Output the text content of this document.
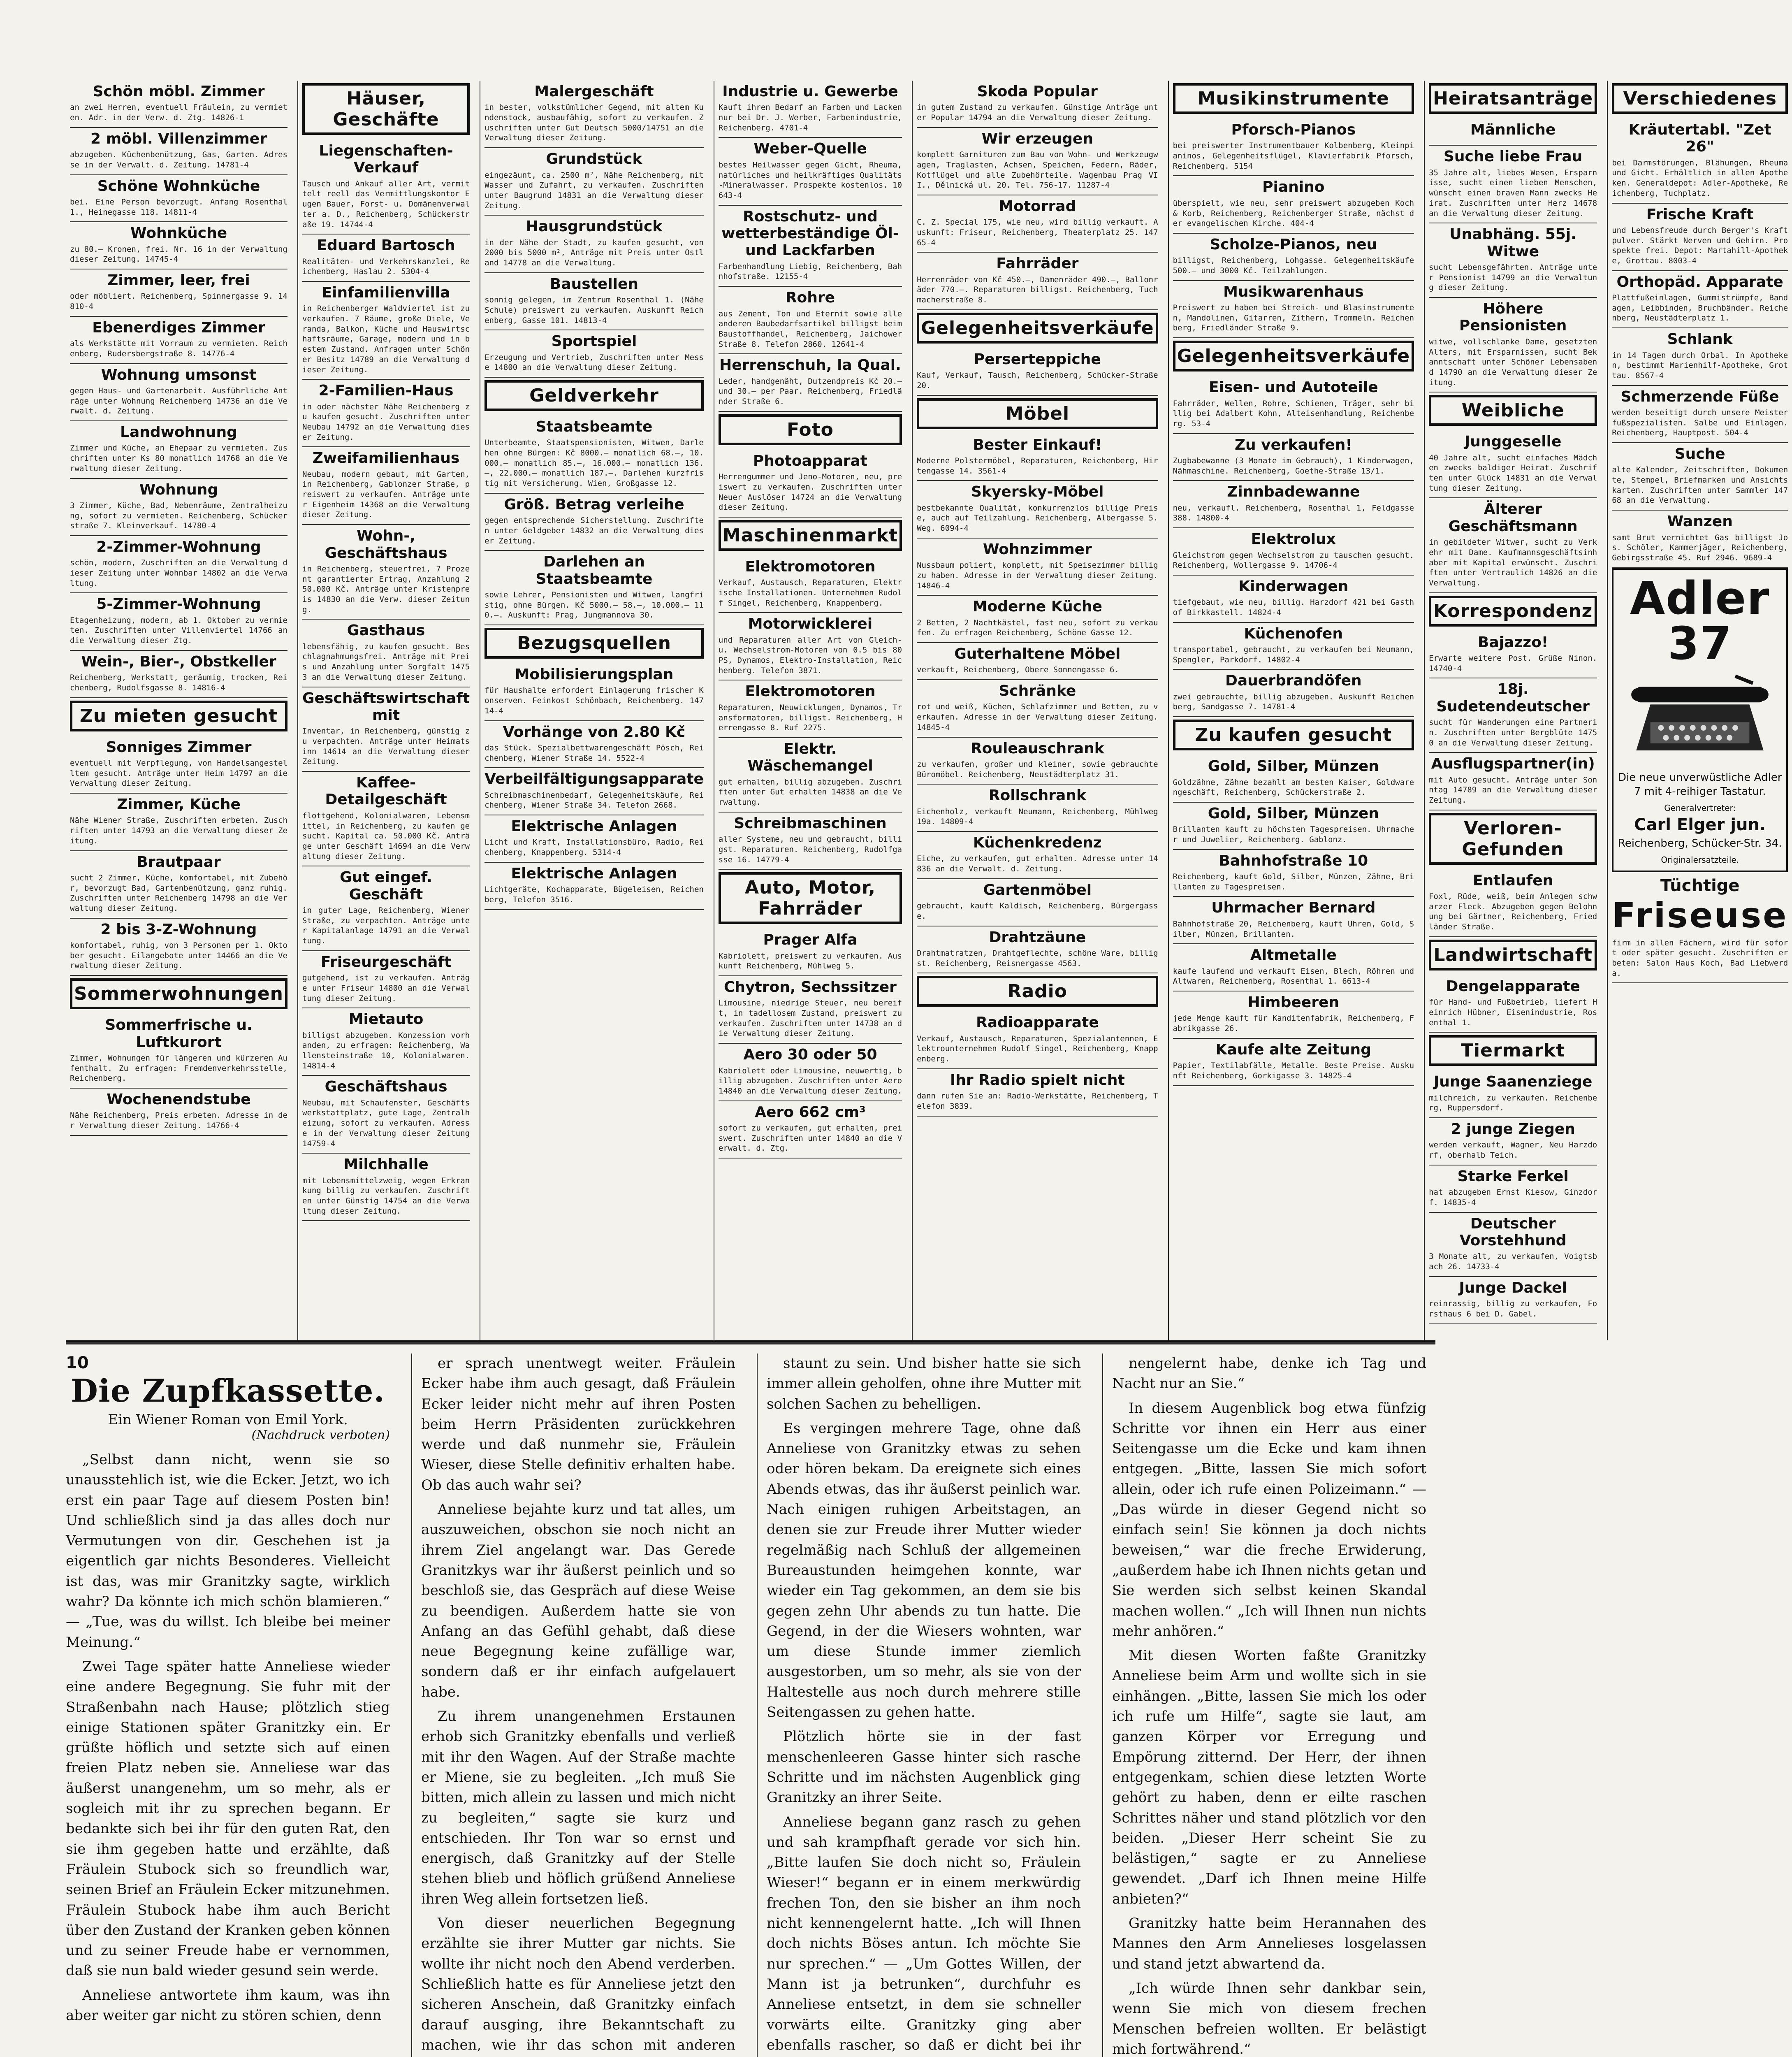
Schön möbl. Zimmer

an zwei Herren, eventuell Fräulein, zu vermieten. Adr. in der Verw. d. Ztg. 14826-1

2 möbl. Villenzimmer

abzugeben. Küchenbenützung, Gas, Garten. Adresse in der Verwalt. d. Zeitung. 14781-4

Schöne Wohnküche

bei. Eine Person bevorzugt. Anfang Rosenthal 1., Heinegasse 118. 14811-4

Wohnküche

zu 80.— Kronen, frei. Nr. 16 in der Verwaltung dieser Zeitung. 14745-4

Zimmer, leer, frei

oder möbliert. Reichenberg, Spinnergasse 9. 14810-4

Ebenerdiges Zimmer

als Werkstätte mit Vorraum zu vermieten. Reichenberg, Rudersbergstraße 8. 14776-4

Wohnung umsonst

gegen Haus- und Gartenarbeit. Ausführliche Anträge unter Wohnung Reichenberg 14736 an die Verwalt. d. Zeitung.

Landwohnung

Zimmer und Küche, an Ehepaar zu vermieten. Zuschriften unter Ks 80 monatlich 14768 an die Verwaltung dieser Zeitung.

Wohnung

3 Zimmer, Küche, Bad, Nebenräume, Zentralheizung, sofort zu vermieten. Reichenberg, Schückerstraße 7. Kleinverkauf. 14780-4

2-Zimmer-Wohnung

schön, modern, Zuschriften an die Verwaltung dieser Zeitung unter Wohnbar 14802 an die Verwaltung.

5-Zimmer-Wohnung

Etagenheizung, modern, ab 1. Oktober zu vermieten. Zuschriften unter Villenviertel 14766 an die Verwaltung dieser Ztg.

Wein-, Bier-, Obstkeller

Reichenberg, Werkstatt, geräumig, trocken, Reichenberg, Rudolfsgasse 8. 14816-4

Zu mieten gesucht
Sonniges Zimmer

eventuell mit Verpflegung, von Handelsangestelltem gesucht. Anträge unter Heim 14797 an die Verwaltung dieser Zeitung.

Zimmer, Küche

Nähe Wiener Straße, Zuschriften erbeten. Zuschriften unter 14793 an die Verwaltung dieser Zeitung.

Brautpaar

sucht 2 Zimmer, Küche, komfortabel, mit Zubehör, bevorzugt Bad, Gartenbenützung, ganz ruhig. Zuschriften unter Reichenberg 14798 an die Verwaltung dieser Zeitung.

2 bis 3-Z-Wohnung

komfortabel, ruhig, von 3 Personen per 1. Oktober gesucht. Eilangebote unter 14466 an die Verwaltung dieser Zeitung.

Sommerwohnungen
Sommerfrische u. Luftkurort

Zimmer, Wohnungen für längeren und kürzeren Aufenthalt. Zu erfragen: Fremdenverkehrsstelle, Reichenberg.

Wochenendstube

Nähe Reichenberg, Preis erbeten. Adresse in der Verwaltung dieser Zeitung. 14766-4

Häuser, Geschäfte
Liegenschaften-Verkauf

Tausch und Ankauf aller Art, vermittelt reell das Vermittlungskontor Eugen Bauer, Forst- u. Domänenverwalter a. D., Reichenberg, Schückerstraße 19. 14744-4

Eduard Bartosch

Realitäten- und Verkehrskanzlei, Reichenberg, Haslau 2. 5304-4

Einfamilienvilla

in Reichenberger Waldviertel ist zu verkaufen. 7 Räume, große Diele, Veranda, Balkon, Küche und Hauswirtschaftsräume, Garage, modern und in bestem Zustand. Anfragen unter Schöner Besitz 14789 an die Verwaltung dieser Zeitung.

2-Familien-Haus

in oder nächster Nähe Reichenberg zu kaufen gesucht. Zuschriften unter Neubau 14792 an die Verwaltung dieser Zeitung.

Zweifamilienhaus

Neubau, modern gebaut, mit Garten, in Reichenberg, Gablonzer Straße, preiswert zu verkaufen. Anträge unter Eigenheim 14368 an die Verwaltung dieser Zeitung.

Wohn-, Geschäftshaus

in Reichenberg, steuerfrei, 7 Prozent garantierter Ertrag, Anzahlung 250.000 Kč. Anträge unter Kristenpreis 14830 an die Verw. dieser Zeitung.

Gasthaus

lebensfähig, zu kaufen gesucht. Beschlagnahmungsfrei. Anträge mit Preis und Anzahlung unter Sorgfalt 14753 an die Verwaltung dieser Zeitung.

Geschäftswirtschaft mit

Inventar, in Reichenberg, günstig zu verpachten. Anträge unter Heimatsinn 14614 an die Verwaltung dieser Zeitung.

Kaffee-Detailgeschäft

flottgehend, Kolonialwaren, Lebensmittel, in Reichenberg, zu kaufen gesucht. Kapital ca. 50.000 Kč. Anträge unter Geschäft 14694 an die Verwaltung dieser Zeitung.

Gut eingef. Geschäft

in guter Lage, Reichenberg, Wiener Straße, zu verpachten. Anträge unter Kapitalanlage 14791 an die Verwaltung.

Friseurgeschäft

gutgehend, ist zu verkaufen. Anträge unter Friseur 14800 an die Verwaltung dieser Zeitung.

Mietauto

billigst abzugeben. Konzession vorhanden, zu erfragen: Reichenberg, Wallensteinstraße 10, Kolonialwaren. 14814-4

Geschäftshaus

Neubau, mit Schaufenster, Geschäftswerkstattplatz, gute Lage, Zentralheizung, sofort zu verkaufen. Adresse in der Verwaltung dieser Zeitung 14759-4

Milchhalle

mit Lebensmittelzweig, wegen Erkrankung billig zu verkaufen. Zuschriften unter Günstig 14754 an die Verwaltung dieser Zeitung.

Malergeschäft

in bester, volkstümlicher Gegend, mit altem Kundenstock, ausbaufähig, sofort zu verkaufen. Zuschriften unter Gut Deutsch 5000/14751 an die Verwaltung dieser Zeitung.

Grundstück

eingezäunt, ca. 2500 m², Nähe Reichenberg, mit Wasser und Zufahrt, zu verkaufen. Zuschriften unter Baugrund 14831 an die Verwaltung dieser Zeitung.

Hausgrundstück

in der Nähe der Stadt, zu kaufen gesucht, von 2000 bis 5000 m², Anträge mit Preis unter Ostland 14778 an die Verwaltung.

Baustellen

sonnig gelegen, im Zentrum Rosenthal 1. (Nähe Schule) preiswert zu verkaufen. Auskunft Reichenberg, Gasse 101. 14813-4

Sportspiel

Erzeugung und Vertrieb, Zuschriften unter Messe 14800 an die Verwaltung dieser Zeitung.

Geldverkehr
Staatsbeamte

Unterbeamte, Staatspensionisten, Witwen, Darlehen ohne Bürgen: Kč 8000.— monatlich 68.—, 10.000.— monatlich 85.—, 16.000.— monatlich 136.—, 22.000.— monatlich 187.—. Darlehen kurzfristig mit Versicherung. Wien, Großgasse 12.

Größ. Betrag verleihe

gegen entsprechende Sicherstellung. Zuschriften unter Geldgeber 14832 an die Verwaltung dieser Zeitung.

Darlehen an Staatsbeamte

sowie Lehrer, Pensionisten und Witwen, langfristig, ohne Bürgen. Kč 5000.— 58.—, 10.000.— 110.—. Auskunft: Prag, Jungmannova 30.

Bezugsquellen
Mobilisierungsplan

für Haushalte erfordert Einlagerung frischer Konserven. Feinkost Schönbach, Reichenberg. 14714-4

Vorhänge von 2.80 Kč

das Stück. Spezialbettwarengeschäft Pösch, Reichenberg, Wiener Straße 14. 5522-4

Verbeilfältigungsapparate

Schreibmaschinenbedarf, Gelegenheitskäufe, Reichenberg, Wiener Straße 34. Telefon 2668.

Elektrische Anlagen

Licht und Kraft, Installationsbüro, Radio, Reichenberg, Knappenberg. 5314-4

Elektrische Anlagen

Lichtgeräte, Kochapparate, Bügeleisen, Reichenberg, Telefon 3516.

Industrie u. Gewerbe

Kauft ihren Bedarf an Farben und Lacken nur bei Dr. J. Werber, Farbenindustrie, Reichenberg. 4701-4

Weber-Quelle

bestes Heilwasser gegen Gicht, Rheuma, natürliches und heilkräftiges Qualitäts-Mineralwasser. Prospekte kostenlos. 10643-4

Rostschutz- und wetterbeständige Öl- und Lackfarben

Farbenhandlung Liebig, Reichenberg, Bahnhofstraße. 12155-4

Rohre

aus Zement, Ton und Eternit sowie alle anderen Baubedarfsartikel billigst beim Baustoffhandel, Reichenberg, Jaichower Straße 8. Telefon 2860. 12641-4

Herrenschuh, la Qual.

Leder, handgenäht, Dutzendpreis Kč 20.— und 30.— per Paar. Reichenberg, Friedländer Straße 6.

Foto
Photoapparat

Herrengummer und Jeno-Motoren, neu, preiswert zu verkaufen. Zuschriften unter Neuer Auslöser 14724 an die Verwaltung dieser Zeitung.

Maschinenmarkt
Elektromotoren

Verkauf, Austausch, Reparaturen, Elektrische Installationen. Unternehmen Rudolf Singel, Reichenberg, Knappenberg.

Motorwicklerei

und Reparaturen aller Art von Gleich- u. Wechselstrom-Motoren von 0.5 bis 80 PS, Dynamos, Elektro-Installation, Reichenberg. Telefon 3871.

Elektromotoren

Reparaturen, Neuwicklungen, Dynamos, Transformatoren, billigst. Reichenberg, Herrengasse 8. Ruf 2275.

Elektr. Wäschemangel

gut erhalten, billig abzugeben. Zuschriften unter Gut erhalten 14838 an die Verwaltung.

Schreibmaschinen

aller Systeme, neu und gebraucht, billigst. Reparaturen. Reichenberg, Rudolfgasse 16. 14779-4

Auto, Motor, Fahrräder
Prager Alfa

Kabriolett, preiswert zu verkaufen. Auskunft Reichenberg, Mühlweg 5.

Chytron, Sechssitzer

Limousine, niedrige Steuer, neu bereift, in tadellosem Zustand, preiswert zu verkaufen. Zuschriften unter 14738 an die Verwaltung dieser Zeitung.

Aero 30 oder 50

Kabriolett oder Limousine, neuwertig, billig abzugeben. Zuschriften unter Aero 14840 an die Verwaltung dieser Zeitung.

Aero 662 cm³

sofort zu verkaufen, gut erhalten, preiswert. Zuschriften unter 14840 an die Verwalt. d. Ztg.

Skoda Popular

in gutem Zustand zu verkaufen. Günstige Anträge unter Popular 14794 an die Verwaltung dieser Zeitung.

Wir erzeugen

komplett Garnituren zum Bau von Wohn- und Werkzeugwagen, Traglasten, Achsen, Speichen, Federn, Räder, Kotflügel und alle Zubehörteile. Wagenbau Prag VII., Dělnická ul. 20. Tel. 756-17. 11287-4

Motorrad

C. Z. Special 175, wie neu, wird billig verkauft. Auskunft: Friseur, Reichenberg, Theaterplatz 25. 14765-4

Fahrräder

Herrenräder von Kč 450.—, Damenräder 490.—, Ballonräder 770.—. Reparaturen billigst. Reichenberg, Tuchmacherstraße 8.

Gelegenheitsverkäufe
Perserteppiche

Kauf, Verkauf, Tausch, Reichenberg, Schücker-Straße 20.

Möbel
Bester Einkauf!

Moderne Polstermöbel, Reparaturen, Reichenberg, Hirtengasse 14. 3561-4

Skyersky-Möbel

bestbekannte Qualität, konkurrenzlos billige Preise, auch auf Teilzahlung. Reichenberg, Albergasse 5. Weg. 6094-4

Wohnzimmer

Nussbaum poliert, komplett, mit Speisezimmer billig zu haben. Adresse in der Verwaltung dieser Zeitung. 14846-4

Moderne Küche

2 Betten, 2 Nachtkästel, fast neu, sofort zu verkaufen. Zu erfragen Reichenberg, Schöne Gasse 12.

Guterhaltene Möbel

verkauft, Reichenberg, Obere Sonnengasse 6.

Schränke

rot und weiß, Küchen, Schlafzimmer und Betten, zu verkaufen. Adresse in der Verwaltung dieser Zeitung. 14845-4

Rouleauschrank

zu verkaufen, großer und kleiner, sowie gebrauchte Büromöbel. Reichenberg, Neustädterplatz 31.

Rollschrank

Eichenholz, verkauft Neumann, Reichenberg, Mühlweg 19a. 14809-4

Küchenkredenz

Eiche, zu verkaufen, gut erhalten. Adresse unter 14836 an die Verwalt. d. Zeitung.

Gartenmöbel

gebraucht, kauft Kaldisch, Reichenberg, Bürgergasse.

Drahtzäune

Drahtmatratzen, Drahtgeflechte, schöne Ware, billigst. Reichenberg, Reisnergasse 4563.

Radio
Radioapparate

Verkauf, Austausch, Reparaturen, Spezialantennen, Elektrounternehmen Rudolf Singel, Reichenberg, Knappenberg.

Ihr Radio spielt nicht

dann rufen Sie an: Radio-Werkstätte, Reichenberg, Telefon 3839.

Musikinstrumente
Pforsch-Pianos

bei preiswerter Instrumentbauer Kolbenberg, Kleinpianinos, Gelegenheitsflügel, Klavierfabrik Pforsch, Reichenberg. 5154

Pianino

überspielt, wie neu, sehr preiswert abzugeben Koch & Korb, Reichenberg, Reichenberger Straße, nächst der evangelischen Kirche. 404-4

Scholze-Pianos, neu

billigst, Reichenberg, Lohgasse. Gelegenheitskäufe 500.— und 3000 Kč. Teilzahlungen.

Musikwarenhaus

Preiswert zu haben bei Streich- und Blasinstrumenten, Mandolinen, Gitarren, Zithern, Trommeln. Reichenberg, Friedländer Straße 9.

Gelegenheitsverkäufe
Eisen- und Autoteile

Fahrräder, Wellen, Rohre, Schienen, Träger, sehr billig bei Adalbert Kohn, Alteisenhandlung, Reichenberg. 53-4

Zu verkaufen!

Zugbabewanne (3 Monate im Gebrauch), 1 Kinderwagen, Nähmaschine. Reichenberg, Goethe-Straße 13/1.

Zinnbadewanne

neu, verkaufl. Reichenberg, Rosenthal 1, Feldgasse 388. 14800-4

Elektrolux

Gleichstrom gegen Wechselstrom zu tauschen gesucht. Reichenberg, Wollergasse 9. 14706-4

Kinderwagen

tiefgebaut, wie neu, billig. Harzdorf 421 bei Gasthof Birkkastell. 14824-4

Küchenofen

transportabel, gebraucht, zu verkaufen bei Neumann, Spengler, Parkdorf. 14802-4

Dauerbrandöfen

zwei gebrauchte, billig abzugeben. Auskunft Reichenberg, Sandgasse 7. 14781-4

Zu kaufen gesucht
Gold, Silber, Münzen

Goldzähne, Zähne bezahlt am besten Kaiser, Goldwarengeschäft, Reichenberg, Schückerstraße 2.

Gold, Silber, Münzen

Brillanten kauft zu höchsten Tagespreisen. Uhrmacher und Juwelier, Reichenberg. Gablonz.

Bahnhofstraße 10

Reichenberg, kauft Gold, Silber, Münzen, Zähne, Brillanten zu Tagespreisen.

Uhrmacher Bernard

Bahnhofstraße 20, Reichenberg, kauft Uhren, Gold, Silber, Münzen, Brillanten.

Altmetalle

kaufe laufend und verkauft Eisen, Blech, Röhren und Altwaren, Reichenberg, Rosenthal 1. 6613-4

Himbeeren

jede Menge kauft für Kanditenfabrik, Reichenberg, Fabrikgasse 26.

Kaufe alte Zeitung

Papier, Textilabfälle, Metalle. Beste Preise. Auskunft Reichenberg, Gorkigasse 3. 14825-4

Heiratsanträge
Männliche

Suche liebe Frau

35 Jahre alt, liebes Wesen, Ersparnisse, sucht einen lieben Menschen, wünscht einen braven Mann zwecks Heirat. Zuschriften unter Herz 14678 an die Verwaltung dieser Zeitung.

Unabhäng. 55j. Witwe

sucht Lebensgefährten. Anträge unter Pensionist 14799 an die Verwaltung dieser Zeitung.

Höhere Pensionisten

witwe, vollschlanke Dame, gesetzten Alters, mit Ersparnissen, sucht Bekanntschaft unter Schöner Lebensabend 14790 an die Verwaltung dieser Zeitung.

Weibliche
Junggeselle

40 Jahre alt, sucht einfaches Mädchen zwecks baldiger Heirat. Zuschriften unter Glück 14831 an die Verwaltung dieser Zeitung.

Älterer Geschäftsmann

in gebildeter Witwer, sucht zu Verkehr mit Dame. Kaufmannsgeschäftsinhaber mit Kapital erwünscht. Zuschriften unter Vertraulich 14826 an die Verwaltung.

Korrespondenz
Bajazzo!

Erwarte weitere Post. Grüße Ninon. 14740-4

18j. Sudetendeutscher

sucht für Wanderungen eine Partnerin. Zuschriften unter Bergblüte 14750 an die Verwaltung dieser Zeitung.

Ausflugspartner(in)

mit Auto gesucht. Anträge unter Sonntag 14789 an die Verwaltung dieser Zeitung.

Verloren-Gefunden
Entlaufen

Foxl, Rüde, weiß, beim Anlegen schwarzer Fleck. Abzugeben gegen Belohnung bei Gärtner, Reichenberg, Friedländer Straße.

Landwirtschaft
Dengelapparate

für Hand- und Fußbetrieb, liefert Heinrich Hübner, Eisenindustrie, Rosenthal 1.

Tiermarkt
Junge Saanenziege

milchreich, zu verkaufen. Reichenberg, Ruppersdorf.

2 junge Ziegen

werden verkauft, Wagner, Neu Harzdorf, oberhalb Teich.

Starke Ferkel

hat abzugeben Ernst Kiesow, Ginzdorf. 14835-4

Deutscher Vorstehhund

3 Monate alt, zu verkaufen, Voigtsbach 26. 14733-4

Junge Dackel

reinrassig, billig zu verkaufen, Forsthaus 6 bei D. Gabel.

Verschiedenes
Kräutertabl. "Zet 26"

bei Darmstörungen, Blähungen, Rheuma und Gicht. Erhältlich in allen Apotheken. Generaldepot: Adler-Apotheke, Reichenberg, Tuchplatz.

Frische Kraft

und Lebensfreude durch Berger's Kraftpulver. Stärkt Nerven und Gehirn. Prospekte frei. Depot: Martahill-Apotheke, Grottau. 8003-4

Orthopäd. Apparate

Plattfußeinlagen, Gummistrümpfe, Bandagen, Leibbinden, Bruchbänder. Reichenberg, Neustädterplatz 1.

Schlank

in 14 Tagen durch Orbal. In Apotheken, bestimmt Marienhilf-Apotheke, Grottau. 8567-4

Schmerzende Füße

werden beseitigt durch unsere Meisterfußspezialisten. Salbe und Einlagen. Reichenberg, Hauptpost. 504-4

Suche

alte Kalender, Zeitschriften, Dokumente, Stempel, Briefmarken und Ansichtskarten. Zuschriften unter Sammler 14768 an die Verwaltung.

Wanzen

samt Brut vernichtet Gas billigst Jos. Schöler, Kammerjäger, Reichenberg, Gebirgsstraße 45. Ruf 2946. 9689-4

Adler 37
Die neue unverwüstliche Adler 7 mit 4-reihiger Tastatur.
Generalvertreter:
Carl Elger jun.
Reichenberg, Schücker-Str. 34.
Originalersatzteile.
Tüchtige
Friseuse

firm in allen Fächern, wird für sofort oder später gesucht. Zuschriften erbeten: Salon Haus Koch, Bad Liebwerda.

10
Die Zupfkassette.

Ein Wiener Roman von Emil York.

(Nachdruck verboten)

„Selbst dann nicht, wenn sie so unausstehlich ist, wie die Ecker. Jetzt, wo ich erst ein paar Tage auf diesem Posten bin! Und schließlich sind ja das alles doch nur Vermutungen von dir. Geschehen ist ja eigentlich gar nichts Besonderes. Vielleicht ist das, was mir Granitzky sagte, wirklich wahr? Da könnte ich mich schön blamieren.“ — „Tue, was du willst. Ich bleibe bei meiner Meinung.“

Zwei Tage später hatte Anneliese wieder eine andere Begegnung. Sie fuhr mit der Straßenbahn nach Hause; plötzlich stieg einige Stationen später Granitzky ein. Er grüßte höflich und setzte sich auf einen freien Platz neben sie. Anneliese war das äußerst unangenehm, um so mehr, als er sogleich mit ihr zu sprechen begann. Er bedankte sich bei ihr für den guten Rat, den sie ihm gegeben hatte und erzählte, daß Fräulein Stubock sich so freundlich war, seinen Brief an Fräulein Ecker mitzunehmen. Fräulein Stubock habe ihm auch Bericht über den Zustand der Kranken geben können und zu seiner Freude habe er vernommen, daß sie nun bald wieder gesund sein werde.

Anneliese antwortete ihm kaum, was ihn aber weiter gar nicht zu stören schien, denn

er sprach unentwegt weiter. Fräulein Ecker habe ihm auch gesagt, daß Fräulein Ecker leider nicht mehr auf ihren Posten beim Herrn Präsidenten zurückkehren werde und daß nunmehr sie, Fräulein Wieser, diese Stelle definitiv erhalten habe. Ob das auch wahr sei?

Anneliese bejahte kurz und tat alles, um auszuweichen, obschon sie noch nicht an ihrem Ziel angelangt war. Das Gerede Granitzkys war ihr äußerst peinlich und so beschloß sie, das Gespräch auf diese Weise zu beendigen. Außerdem hatte sie von Anfang an das Gefühl gehabt, daß diese neue Begegnung keine zufällige war, sondern daß er ihr einfach aufgelauert habe.

Zu ihrem unangenehmen Erstaunen erhob sich Granitzky ebenfalls und verließ mit ihr den Wagen. Auf der Straße machte er Miene, sie zu begleiten. „Ich muß Sie bitten, mich allein zu lassen und mich nicht zu begleiten,“ sagte sie kurz und entschieden. Ihr Ton war so ernst und energisch, daß Granitzky auf der Stelle stehen blieb und höflich grüßend Anneliese ihren Weg allein fortsetzen ließ.

Von dieser neuerlichen Begegnung erzählte sie ihrer Mutter gar nichts. Sie wollte ihr nicht noch den Abend verderben. Schließlich hatte es für Anneliese jetzt den sicheren Anschein, daß Granitzky einfach darauf ausging, ihre Bekanntschaft zu machen, wie ihr das schon mit anderen

staunt zu sein. Und bisher hatte sie sich immer allein geholfen, ohne ihre Mutter mit solchen Sachen zu behelligen.

Es vergingen mehrere Tage, ohne daß Anneliese von Granitzky etwas zu sehen oder hören bekam. Da ereignete sich eines Abends etwas, das ihr äußerst peinlich war. Nach einigen ruhigen Arbeitstagen, an denen sie zur Freude ihrer Mutter wieder regelmäßig nach Schluß der allgemeinen Bureaustunden heimgehen konnte, war wieder ein Tag gekommen, an dem sie bis gegen zehn Uhr abends zu tun hatte. Die Gegend, in der die Wiesers wohnten, war um diese Stunde immer ziemlich ausgestorben, um so mehr, als sie von der Haltestelle aus noch durch mehrere stille Seitengassen zu gehen hatte.

Plötzlich hörte sie in der fast menschenleeren Gasse hinter sich rasche Schritte und im nächsten Augenblick ging Granitzky an ihrer Seite.

Anneliese begann ganz rasch zu gehen und sah krampfhaft gerade vor sich hin. „Bitte laufen Sie doch nicht so, Fräulein Wieser!“ begann er in einem merkwürdig frechen Ton, den sie bisher an ihm noch nicht kennengelernt hatte. „Ich will Ihnen doch nichts Böses antun. Ich möchte Sie nur sprechen.“ — „Um Gottes Willen, der Mann ist ja betrunken“, durchfuhr es Anneliese entsetzt, in dem sie schneller vorwärts eilte. Granitzky ging aber ebenfalls rascher, so daß er dicht bei ihr

nengelernt habe, denke ich Tag und Nacht nur an Sie.“

In diesem Augenblick bog etwa fünfzig Schritte vor ihnen ein Herr aus einer Seitengasse um die Ecke und kam ihnen entgegen. „Bitte, lassen Sie mich sofort allein, oder ich rufe einen Polizeimann.“ — „Das würde in dieser Gegend nicht so einfach sein! Sie können ja doch nichts beweisen,“ war die freche Erwiderung, „außerdem habe ich Ihnen nichts getan und Sie werden sich selbst keinen Skandal machen wollen.“ „Ich will Ihnen nun nichts mehr anhören.“

Mit diesen Worten faßte Granitzky Anneliese beim Arm und wollte sich in sie einhängen. „Bitte, lassen Sie mich los oder ich rufe um Hilfe“, sagte sie laut, am ganzen Körper vor Erregung und Empörung zitternd. Der Herr, der ihnen entgegenkam, schien diese letzten Worte gehört zu haben, denn er eilte raschen Schrittes näher und stand plötzlich vor den beiden. „Dieser Herr scheint Sie zu belästigen,“ sagte er zu Anneliese gewendet. „Darf ich Ihnen meine Hilfe anbieten?“

Granitzky hatte beim Herannahen des Mannes den Arm Annelieses losgelassen und stand jetzt abwartend da.

„Ich würde Ihnen sehr dankbar sein, wenn Sie mich von diesem frechen Menschen befreien wollten. Er belästigt mich fortwährend.“
